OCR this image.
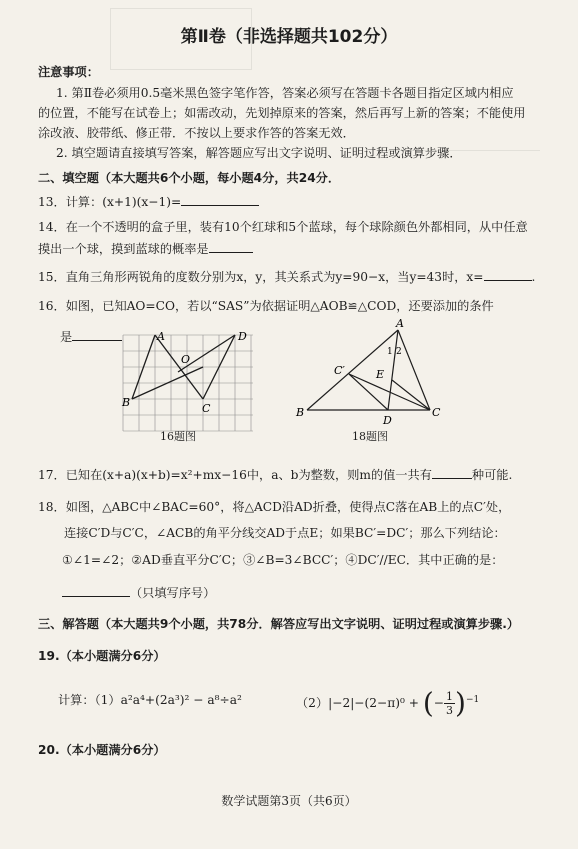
第Ⅱ卷（非选择题共102分）
注意事项：
1. 第Ⅱ卷必须用0.5毫米黑色签字笔作答，答案必须写在答题卡各题目指定区域内相应
的位置，不能写在试卷上；如需改动，先划掉原来的答案，然后再写上新的答案；不能使用
涂改液、胶带纸、修正带．不按以上要求作答的答案无效．
2. 填空题请直接填写答案，解答题应写出文字说明、证明过程或演算步骤．
二、填空题（本大题共6个小题，每小题4分，共24分．
13．计算：(x+1)(x−1)=
14．在一个不透明的盒子里，装有10个红球和5个蓝球，每个球除颜色外都相同，从中任意
摸出一个球，摸到蓝球的概率是
15．直角三角形两锐角的度数分别为x，y，其关系式为y=90−x，当y=43时，x=	.
16．如图，已知AO=CO，若以“SAS”为依据证明△AOB≌△COD，还要添加的条件
是	A
B
O
C
D
16题图
A
1 2
C′	E
B
D
C
18题图
17．已知在(x+a)(x+b)=x²+mx−16中，a、b为整数，则m的值一共有	种可能.
18．如图，△ABC中∠BAC=60°，将△ACD沿AD折叠，使得点C落在AB上的点C′处，
连接C′D与C′C，∠ACB的角平分线交AD于点E；如果BC′=DC′；那么下列结论：
①∠1=∠2；②AD垂直平分C′C；③∠B=3∠BCC′；④DC′//EC．其中正确的是：
（只填写序号）
三、解答题（本大题共9个小题，共78分．解答应写出文字说明、证明过程或演算步骤.）
19.（本小题满分6分）
计算：（1）a²a⁴+(2a³)² − a⁸÷a²	（2）|−2|−(2−π)⁰ + (− $\frac{1}{3} )^{-1}$
20.（本小题满分6分）
数学试题第3页（共6页）
